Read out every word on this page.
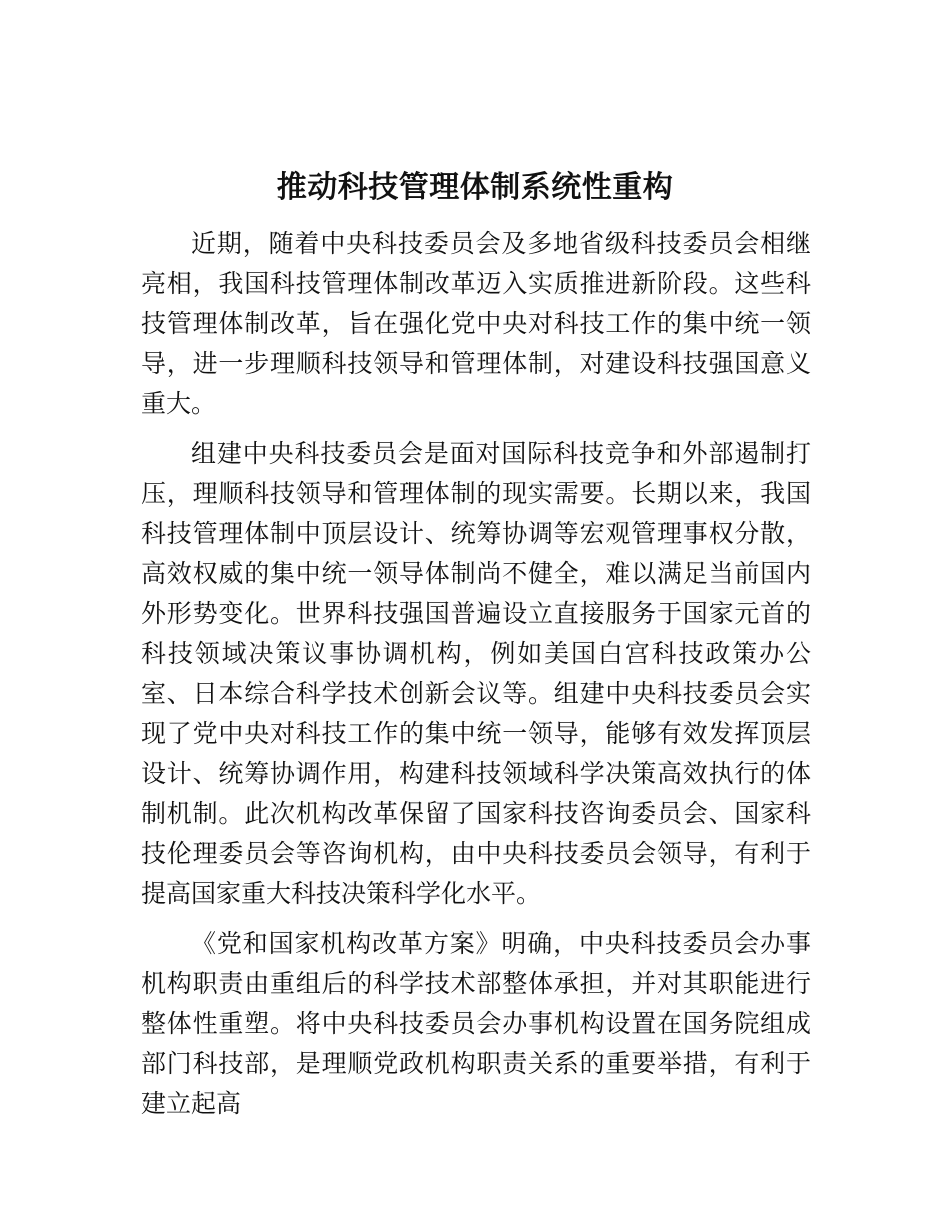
推动科技管理体制系统性重构

近期，随着中央科技委员会及多地省级科技委员会相继亮相，我国科技管理体制改革迈入实质推进新阶段。这些科技管理体制改革，旨在强化党中央对科技工作的集中统一领导，进一步理顺科技领导和管理体制，对建设科技强国意义重大。

组建中央科技委员会是面对国际科技竞争和外部遏制打压，理顺科技领导和管理体制的现实需要。长期以来，我国科技管理体制中顶层设计、统筹协调等宏观管理事权分散，高效权威的集中统一领导体制尚不健全，难以满足当前国内外形势变化。世界科技强国普遍设立直接服务于国家元首的科技领域决策议事协调机构，例如美国白宫科技政策办公室、日本综合科学技术创新会议等。组建中央科技委员会实现了党中央对科技工作的集中统一领导，能够有效发挥顶层设计、统筹协调作用，构建科技领域科学决策高效执行的体制机制。此次机构改革保留了国家科技咨询委员会、国家科技伦理委员会等咨询机构，由中央科技委员会领导，有利于提高国家重大科技决策科学化水平。

《党和国家机构改革方案》明确，中央科技委员会办事机构职责由重组后的科学技术部整体承担，并对其职能进行整体性重塑。将中央科技委员会办事机构设置在国务院组成部门科技部，是理顺党政机构职责关系的重要举措，有利于建立起高
